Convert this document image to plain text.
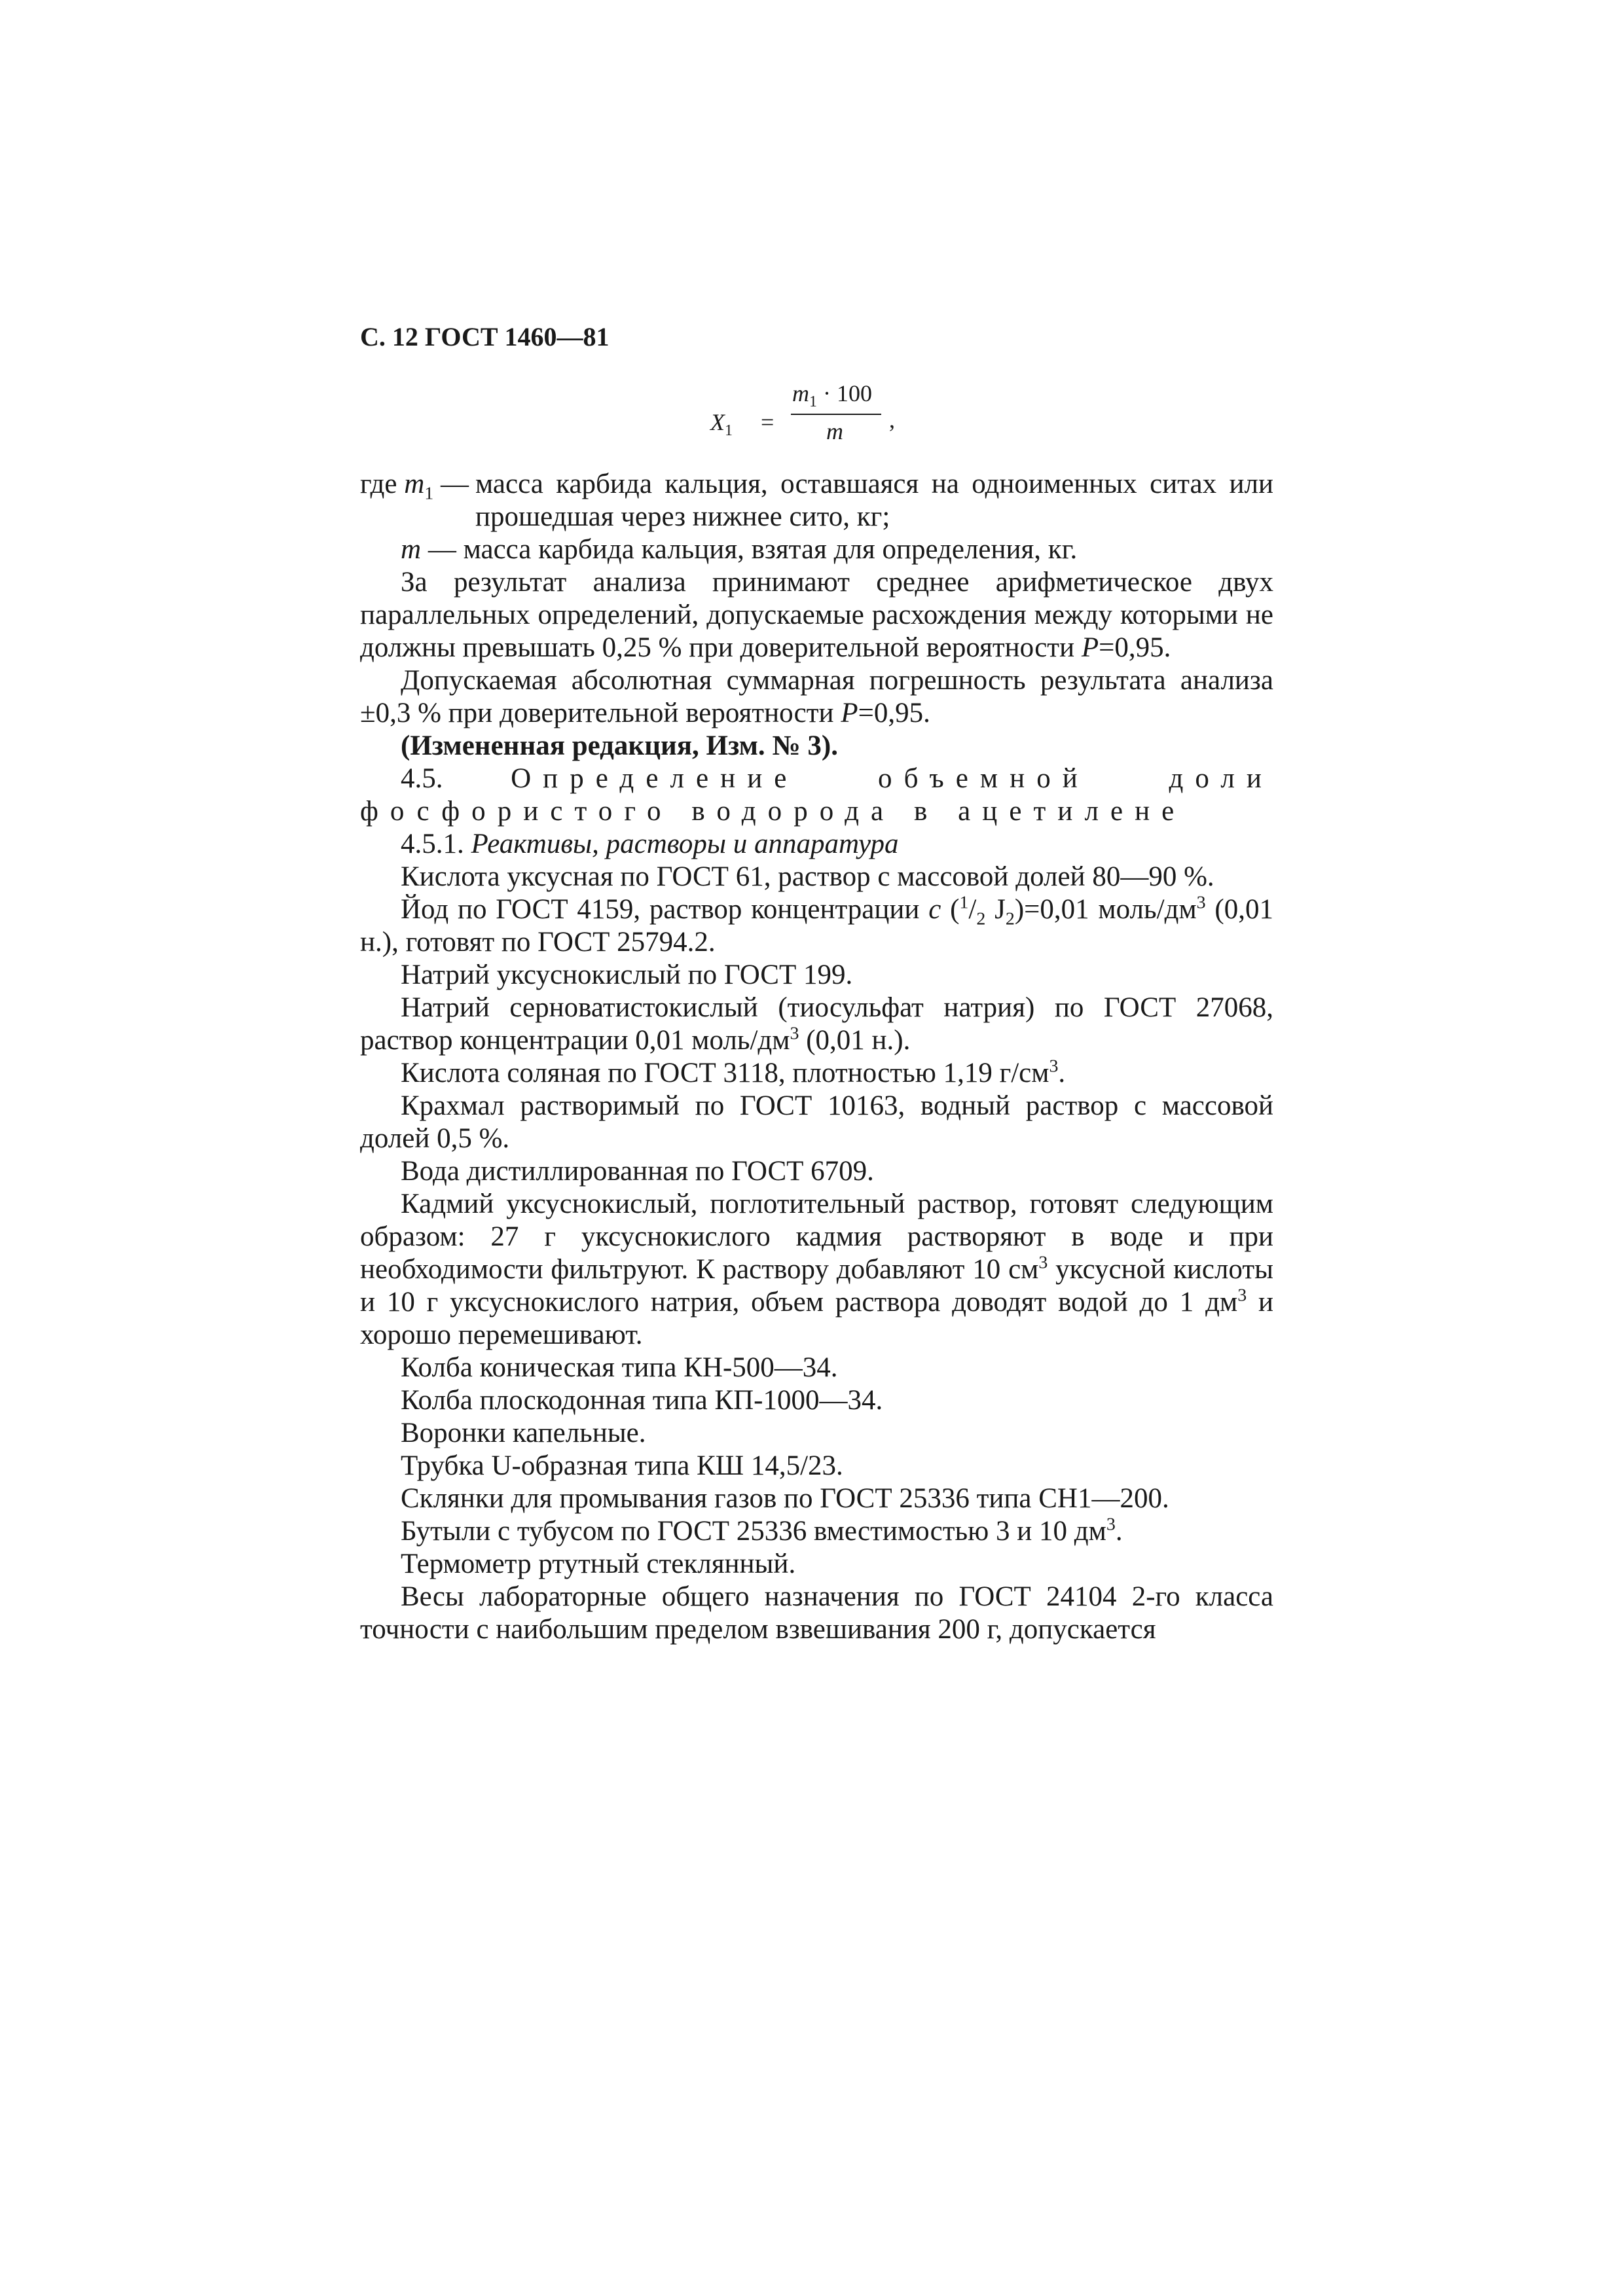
С. 12 ГОСТ 1460—81
$X_1$ =
$m_1 \cdot 100$
m ,
где $m_1$ — масса карбида кальция, оставшаяся на одноименных ситах или прошедшая через нижнее сито, кг;

m — масса карбида кальция, взятая для определения, кг.

За результат анализа принимают среднее арифметическое двух параллельных определений, допускаемые расхождения между которыми не должны превышать 0,25 % при доверительной вероятности P=0,95.

Допускаемая абсолютная суммарная погрешность результата анализа ±0,3 % при доверительной вероятности P=0,95.

(Измененная редакция, Изм. № 3).

4.5. Определение объемной доли фосфористого водорода в ацетилене

4.5.1. Реактивы, растворы и аппаратура

Кислота уксусная по ГОСТ 61, раствор с массовой долей 80—90 %.

Йод по ГОСТ 4159, раствор концентрации c ($^1/_2$ $J_2)=0,01$ моль/$дм^3$ (0,01 н.), готовят по ГОСТ 25794.2.

Натрий уксуснокислый по ГОСТ 199.

Натрий серноватистокислый (тиосульфат натрия) по ГОСТ 27068, раствор концентрации 0,01 моль/$дм^3$ (0,01 н.).

Кислота соляная по ГОСТ 3118, плотностью 1,19 $г/см^3$.

Крахмал растворимый по ГОСТ 10163, водный раствор с массовой долей 0,5 %.

Вода дистиллированная по ГОСТ 6709.

Кадмий уксуснокислый, поглотительный раствор, готовят следующим образом: 27 г уксуснокислого кадмия растворяют в воде и при необходимости фильтруют. К раствору добавляют 10 $см^3$ уксусной кислоты и 10 г уксуснокислого натрия, объем раствора доводят водой до 1 $дм^3$ и хорошо перемешивают.

Колба коническая типа КН-500—34.

Колба плоскодонная типа КП-1000—34.

Воронки капельные.

Трубка U-образная типа КШ 14,5/23.

Склянки для промывания газов по ГОСТ 25336 типа СН1—200.

Бутыли с тубусом по ГОСТ 25336 вместимостью 3 и 10 $дм^3$.

Термометр ртутный стеклянный.

Весы лабораторные общего назначения по ГОСТ 24104 2-го класса точности с наибольшим пределом взвешивания 200 г, допускается
